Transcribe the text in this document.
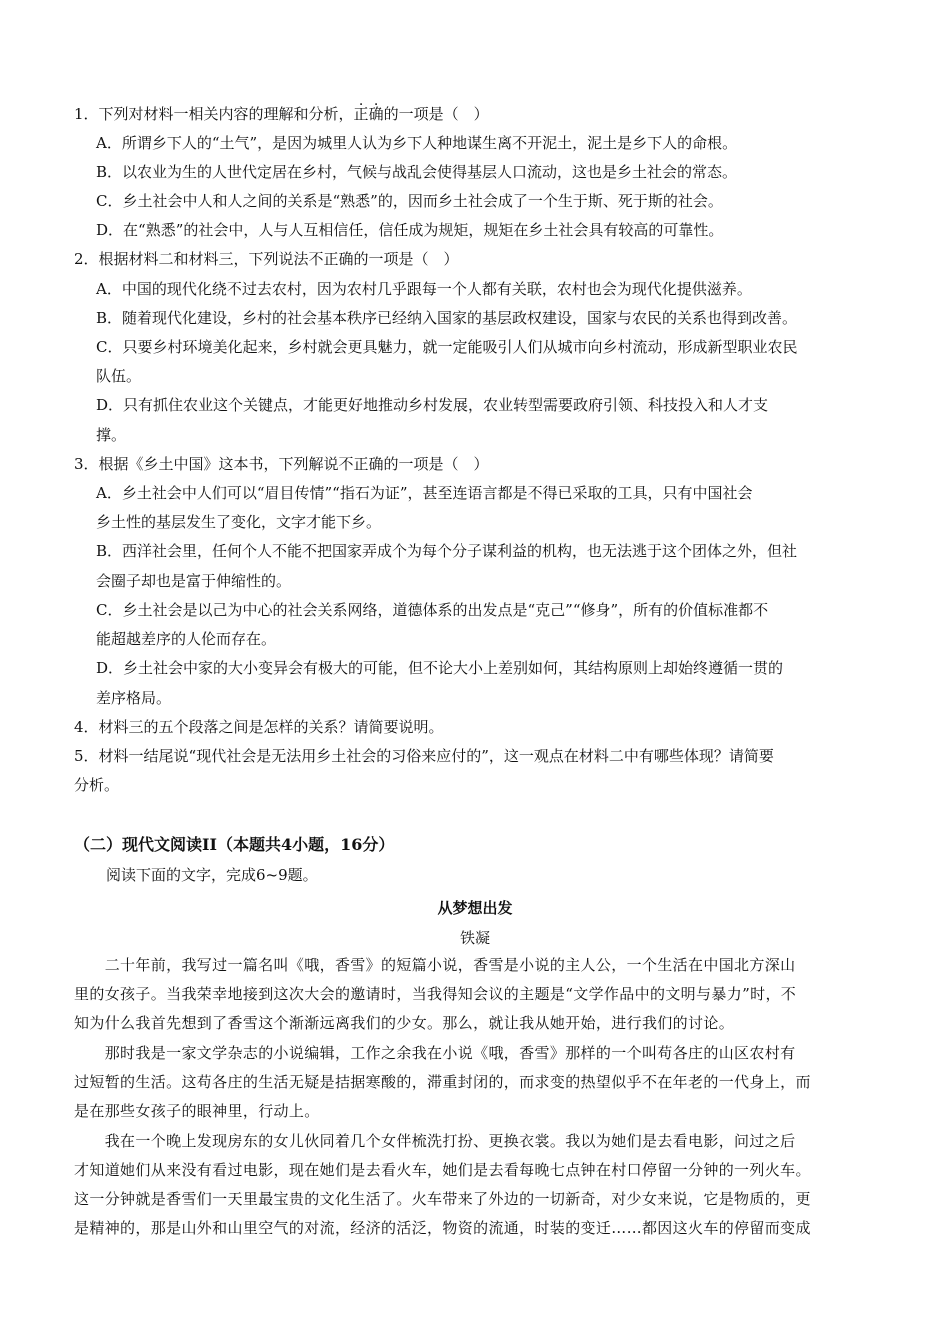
1．下列对材料一相关内容的理解和分析，正确的一项是（　）
A．所谓乡下人的“土气”，是因为城里人认为乡下人种地谋生离不开泥土，泥土是乡下人的命根。
B．以农业为生的人世代定居在乡村，气候与战乱会使得基层人口流动，这也是乡土社会的常态。
C．乡土社会中人和人之间的关系是“熟悉”的，因而乡土社会成了一个生于斯、死于斯的社会。
D．在“熟悉”的社会中，人与人互相信任，信任成为规矩，规矩在乡土社会具有较高的可靠性。
2．根据材料二和材料三，下列说法不正确的一项是（　）
A．中国的现代化绕不过去农村，因为农村几乎跟每一个人都有关联，农村也会为现代化提供滋养。
B．随着现代化建设，乡村的社会基本秩序已经纳入国家的基层政权建设，国家与农民的关系也得到改善。
C．只要乡村环境美化起来，乡村就会更具魅力，就一定能吸引人们从城市向乡村流动，形成新型职业农民
队伍。
D．只有抓住农业这个关键点，才能更好地推动乡村发展，农业转型需要政府引领、科技投入和人才支
撑。
3．根据《乡土中国》这本书，下列解说不正确的一项是（　）
A．乡土社会中人们可以“眉目传情”“指石为证”，甚至连语言都是不得已采取的工具，只有中国社会
乡土性的基层发生了变化，文字才能下乡。
B．西洋社会里，任何个人不能不把国家弄成个为每个分子谋利益的机构，也无法逃于这个团体之外，但社
会圈子却也是富于伸缩性的。
C．乡土社会是以己为中心的社会关系网络，道德体系的出发点是“克己”“修身”，所有的价值标准都不
能超越差序的人伦而存在。
D．乡土社会中家的大小变异会有极大的可能，但不论大小上差别如何，其结构原则上却始终遵循一贯的
差序格局。
4．材料三的五个段落之间是怎样的关系？请简要说明。
5．材料一结尾说“现代社会是无法用乡土社会的习俗来应付的”，这一观点在材料二中有哪些体现？请简要
分析。
（二）现代文阅读II（本题共4小题，16分）
阅读下面的文字，完成6~9题。
从梦想出发
铁凝
　　二十年前，我写过一篇名叫《哦，香雪》的短篇小说，香雪是小说的主人公，一个生活在中国北方深山
里的女孩子。当我荣幸地接到这次大会的邀请时，当我得知会议的主题是“文学作品中的文明与暴力”时，不
知为什么我首先想到了香雪这个渐渐远离我们的少女。那么，就让我从她开始，进行我们的讨论。
　　那时我是一家文学杂志的小说编辑，工作之余我在小说《哦，香雪》那样的一个叫苟各庄的山区农村有
过短暂的生活。这苟各庄的生活无疑是拮据寒酸的，滞重封闭的，而求变的热望似乎不在年老的一代身上，而
是在那些女孩子的眼神里，行动上。
　　我在一个晚上发现房东的女儿伙同着几个女伴梳洗打扮、更换衣裳。我以为她们是去看电影，问过之后
才知道她们从来没有看过电影，现在她们是去看火车，她们是去看每晚七点钟在村口停留一分钟的一列火车。
这一分钟就是香雪们一天里最宝贵的文化生活了。火车带来了外边的一切新奇，对少女来说，它是物质的，更
是精神的，那是山外和山里空气的对流，经济的活泛，物资的流通，时装的变迁……都因这火车的停留而变成
